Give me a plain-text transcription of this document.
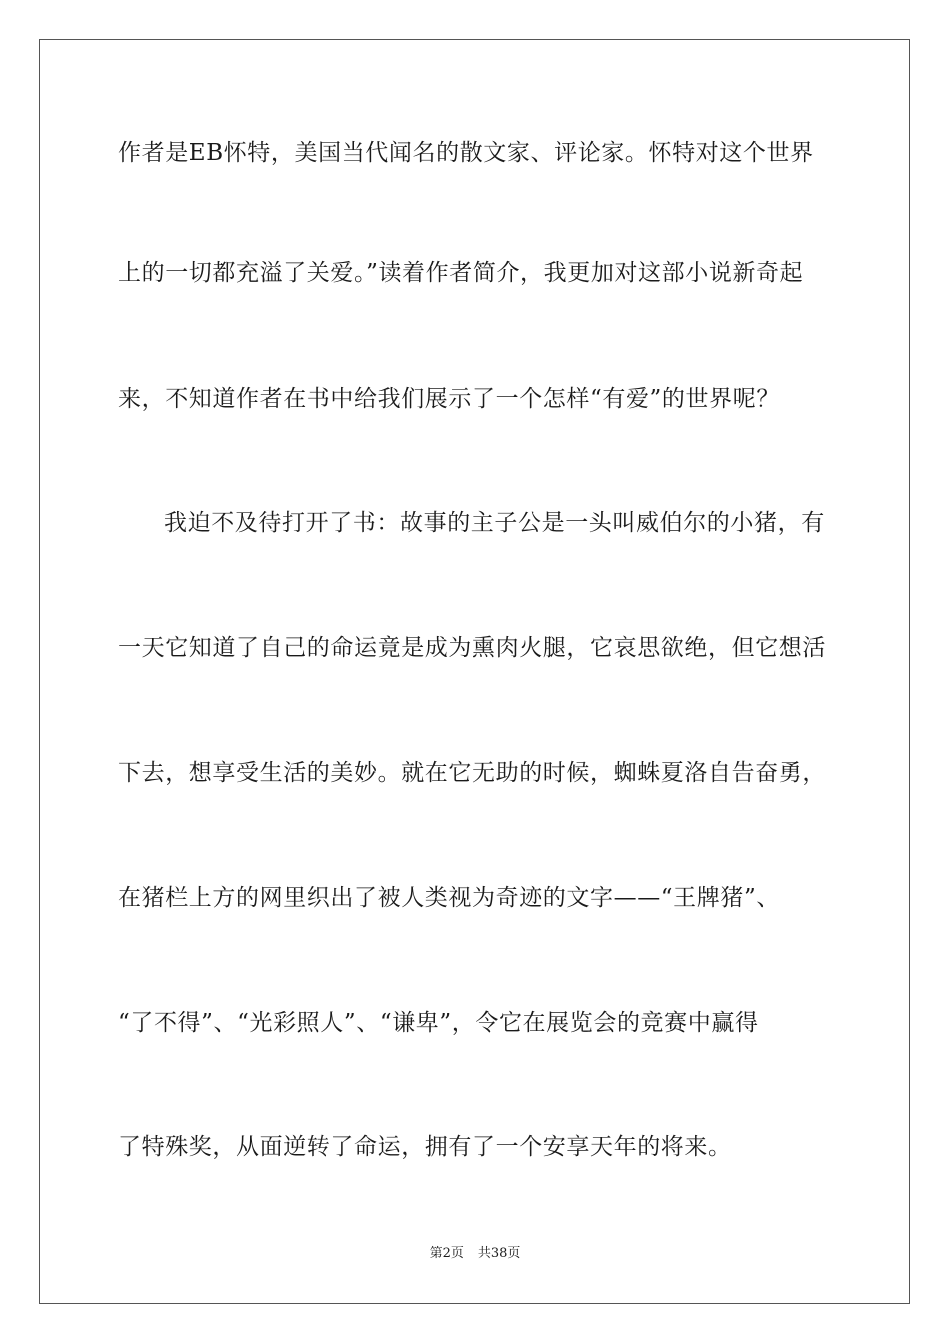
作者是EB怀特，美国当代闻名的散文家、评论家。怀特对这个世界
上的一切都充溢了关爱。”读着作者简介，我更加对这部小说新奇起
来，不知道作者在书中给我们展示了一个怎样“有爱”的世界呢？
我迫不及待打开了书：故事的主子公是一头叫威伯尔的小猪，有
一天它知道了自己的命运竟是成为熏肉火腿，它哀思欲绝，但它想活
下去，想享受生活的美妙。就在它无助的时候，蜘蛛夏洛自告奋勇，
在猪栏上方的网里织出了被人类视为奇迹的文字——“王牌猪”、
“了不得”、“光彩照人”、“谦卑”，令它在展览会的竞赛中赢得
了特殊奖，从面逆转了命运，拥有了一个安享天年的将来。
第2页 共38页
